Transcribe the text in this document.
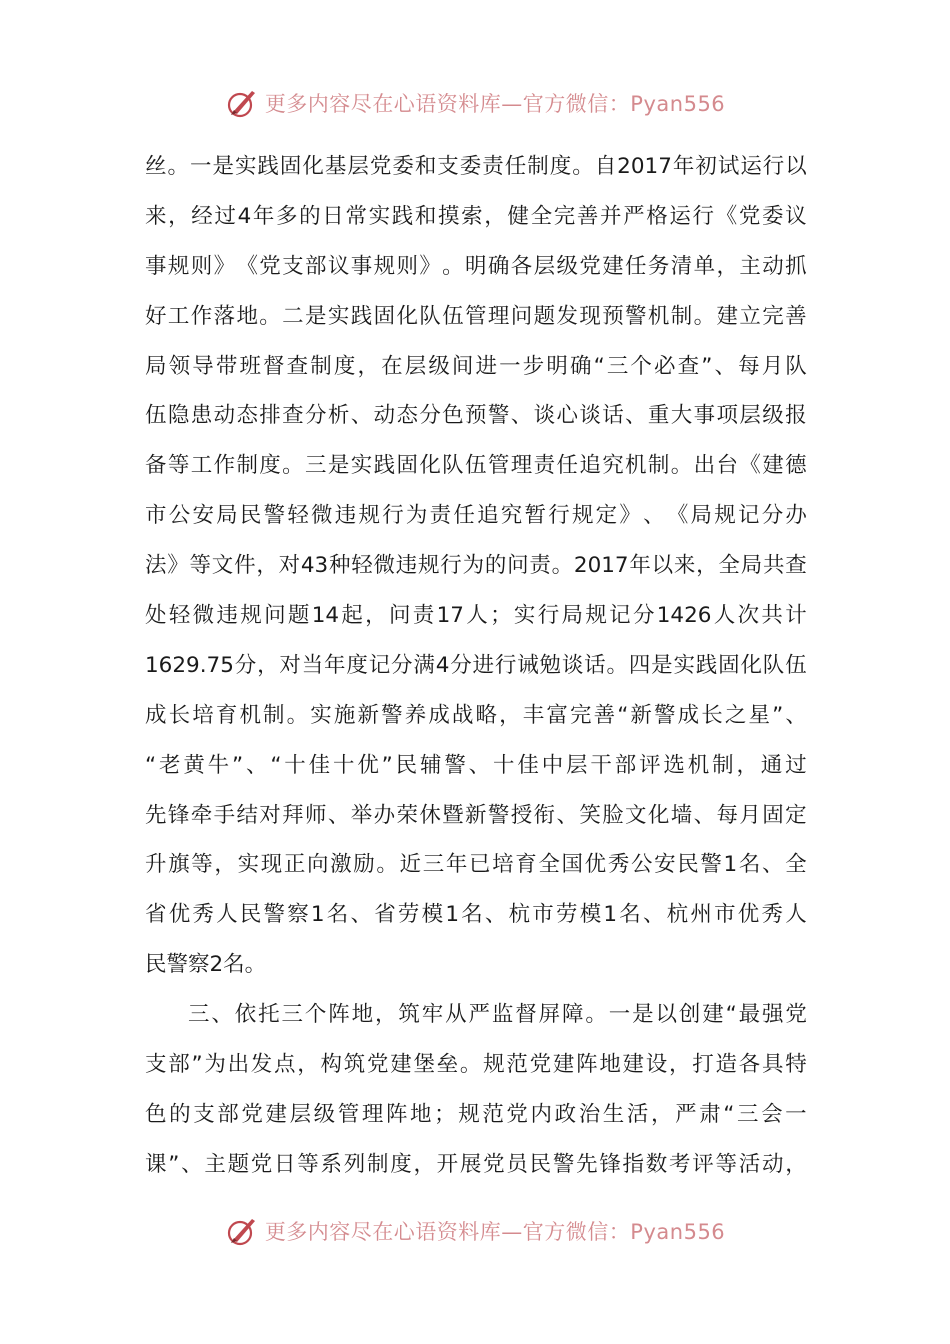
更多内容尽在心语资料库—官方微信：Pyan556
丝 。 一 是 实 践 固 化 基 层 党 委 和 支 委 责 任 制 度 。 自 2017 年 初 试 运 行 以
来 ， 经 过 4 年 多 的 日 常 实 践 和 摸 索 ， 健 全 完 善 并 严 格 运 行 《 党 委 议
事 规 则 》 《 党 支 部 议 事 规 则 》 。 明 确 各 层 级 党 建 任 务 清 单 ， 主 动 抓
好 工 作 落 地 。 二 是 实 践 固 化 队 伍 管 理 问 题 发 现 预 警 机 制 。 建 立 完 善
局 领 导 带 班 督 查 制 度 ， 在 层 级 间 进 一 步 明 确 “ 三 个 必 查 ” 、 每 月 队
伍 隐 患 动 态 排 查 分 析 、 动 态 分 色 预 警 、 谈 心 谈 话 、 重 大 事 项 层 级 报
备 等 工 作 制 度 。 三 是 实 践 固 化 队 伍 管 理 责 任 追 究 机 制 。 出 台 《 建 德
市 公 安 局 民 警 轻 微 违 规 行 为 责 任 追 究 暂 行 规 定 》 、 《 局 规 记 分 办
法 》 等 文 件 ， 对 43 种 轻 微 违 规 行 为 的 问 责 。 2017 年 以 来 ， 全 局 共 查
处 轻 微 违 规 问 题 14 起 ， 问 责 17 人 ； 实 行 局 规 记 分 1426 人 次 共 计
1629.75 分 ， 对 当 年 度 记 分 满 4 分 进 行 诫 勉 谈 话 。 四 是 实 践 固 化 队 伍
成 长 培 育 机 制 。 实 施 新 警 养 成 战 略 ， 丰 富 完 善 “ 新 警 成 长 之 星 ” 、
“ 老 黄 牛 ” 、 “ 十 佳 十 优 ” 民 辅 警 、 十 佳 中 层 干 部 评 选 机 制 ， 通 过
先 锋 牵 手 结 对 拜 师 、 举 办 荣 休 暨 新 警 授 衔 、 笑 脸 文 化 墙 、 每 月 固 定
升 旗 等 ， 实 现 正 向 激 励 。 近 三 年 已 培 育 全 国 优 秀 公 安 民 警 1 名 、 全
省 优 秀 人 民 警 察 1 名 、 省 劳 模 1 名 、 杭 市 劳 模 1 名 、 杭 州 市 优 秀 人
民警察2名。
三 、 依 托 三 个 阵 地 ， 筑 牢 从 严 监 督 屏 障 。 一 是 以 创 建 “ 最 强 党
支 部 ” 为 出 发 点 ， 构 筑 党 建 堡 垒 。 规 范 党 建 阵 地 建 设 ， 打 造 各 具 特
色 的 支 部 党 建 层 级 管 理 阵 地 ； 规 范 党 内 政 治 生 活 ， 严 肃 “ 三 会 一
课 ” 、 主 题 党 日 等 系 列 制 度 ， 开 展 党 员 民 警 先 锋 指 数 考 评 等 活 动 ，
更多内容尽在心语资料库—官方微信：Pyan556
